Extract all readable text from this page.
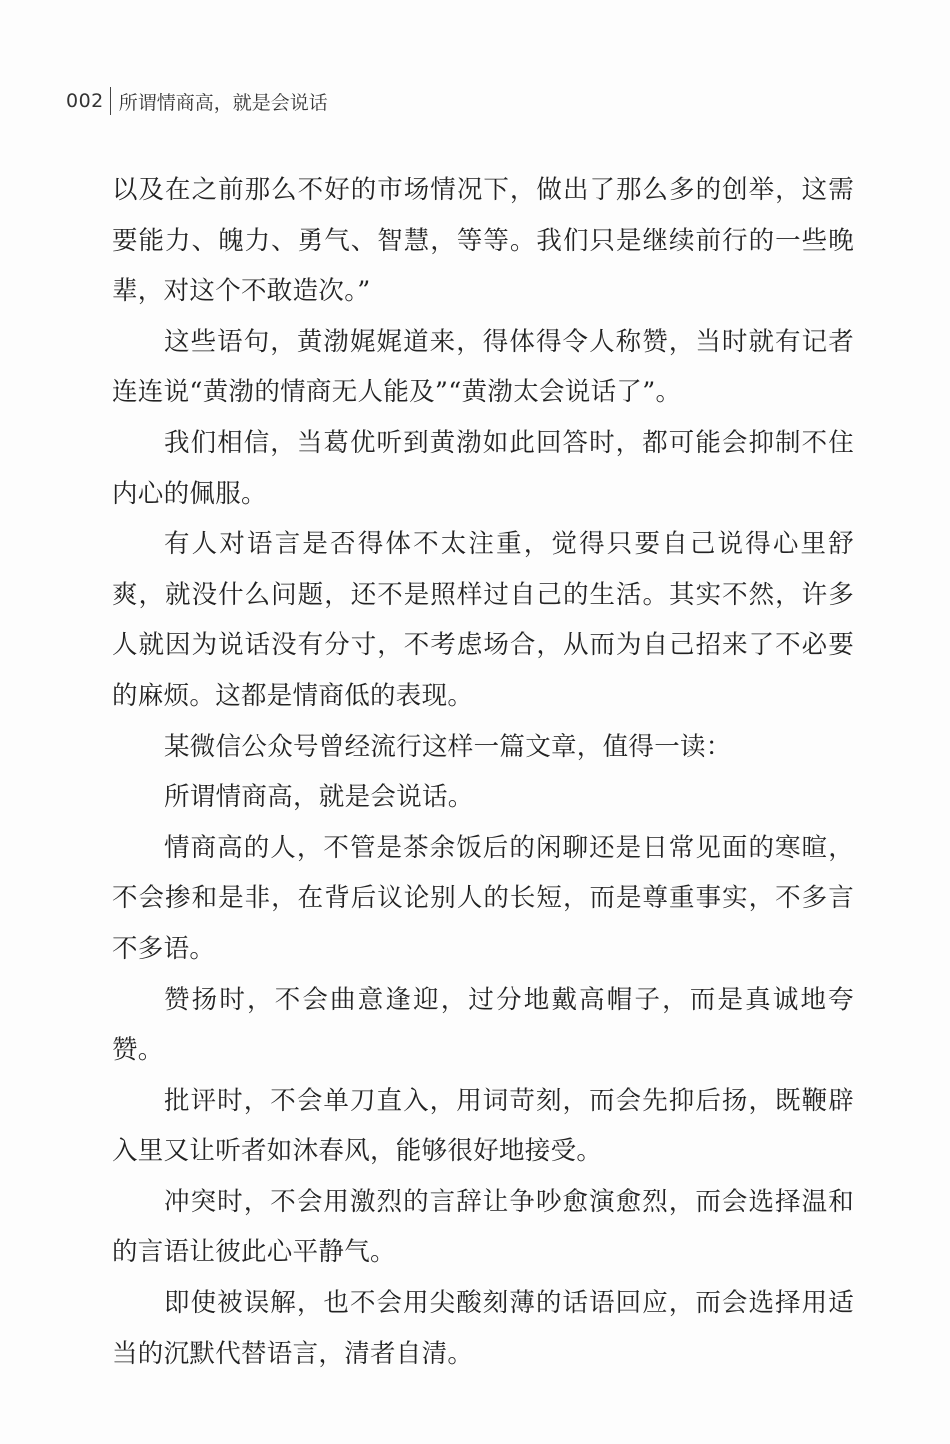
002 所谓情商高，就是会说话

以及在之前那么不好的市场情况下，做出了那么多的创举，这需要能力、魄力、勇气、智慧，等等。我们只是继续前行的一些晚辈，对这个不敢造次。”

这些语句，黄渤娓娓道来，得体得令人称赞，当时就有记者连连说“黄渤的情商无人能及”“黄渤太会说话了”。

我们相信，当葛优听到黄渤如此回答时，都可能会抑制不住内心的佩服。

有人对语言是否得体不太注重，觉得只要自己说得心里舒爽，就没什么问题，还不是照样过自己的生活。其实不然，许多人就因为说话没有分寸，不考虑场合，从而为自己招来了不必要的麻烦。这都是情商低的表现。

某微信公众号曾经流行这样一篇文章，值得一读：

所谓情商高，就是会说话。

情商高的人，不管是茶余饭后的闲聊还是日常见面的寒暄，不会掺和是非，在背后议论别人的长短，而是尊重事实，不多言不多语。

赞扬时，不会曲意逢迎，过分地戴高帽子，而是真诚地夸赞。

批评时，不会单刀直入，用词苛刻，而会先抑后扬，既鞭辟入里又让听者如沐春风，能够很好地接受。

冲突时，不会用激烈的言辞让争吵愈演愈烈，而会选择温和的言语让彼此心平静气。

即使被误解，也不会用尖酸刻薄的话语回应，而会选择用适当的沉默代替语言，清者自清。
